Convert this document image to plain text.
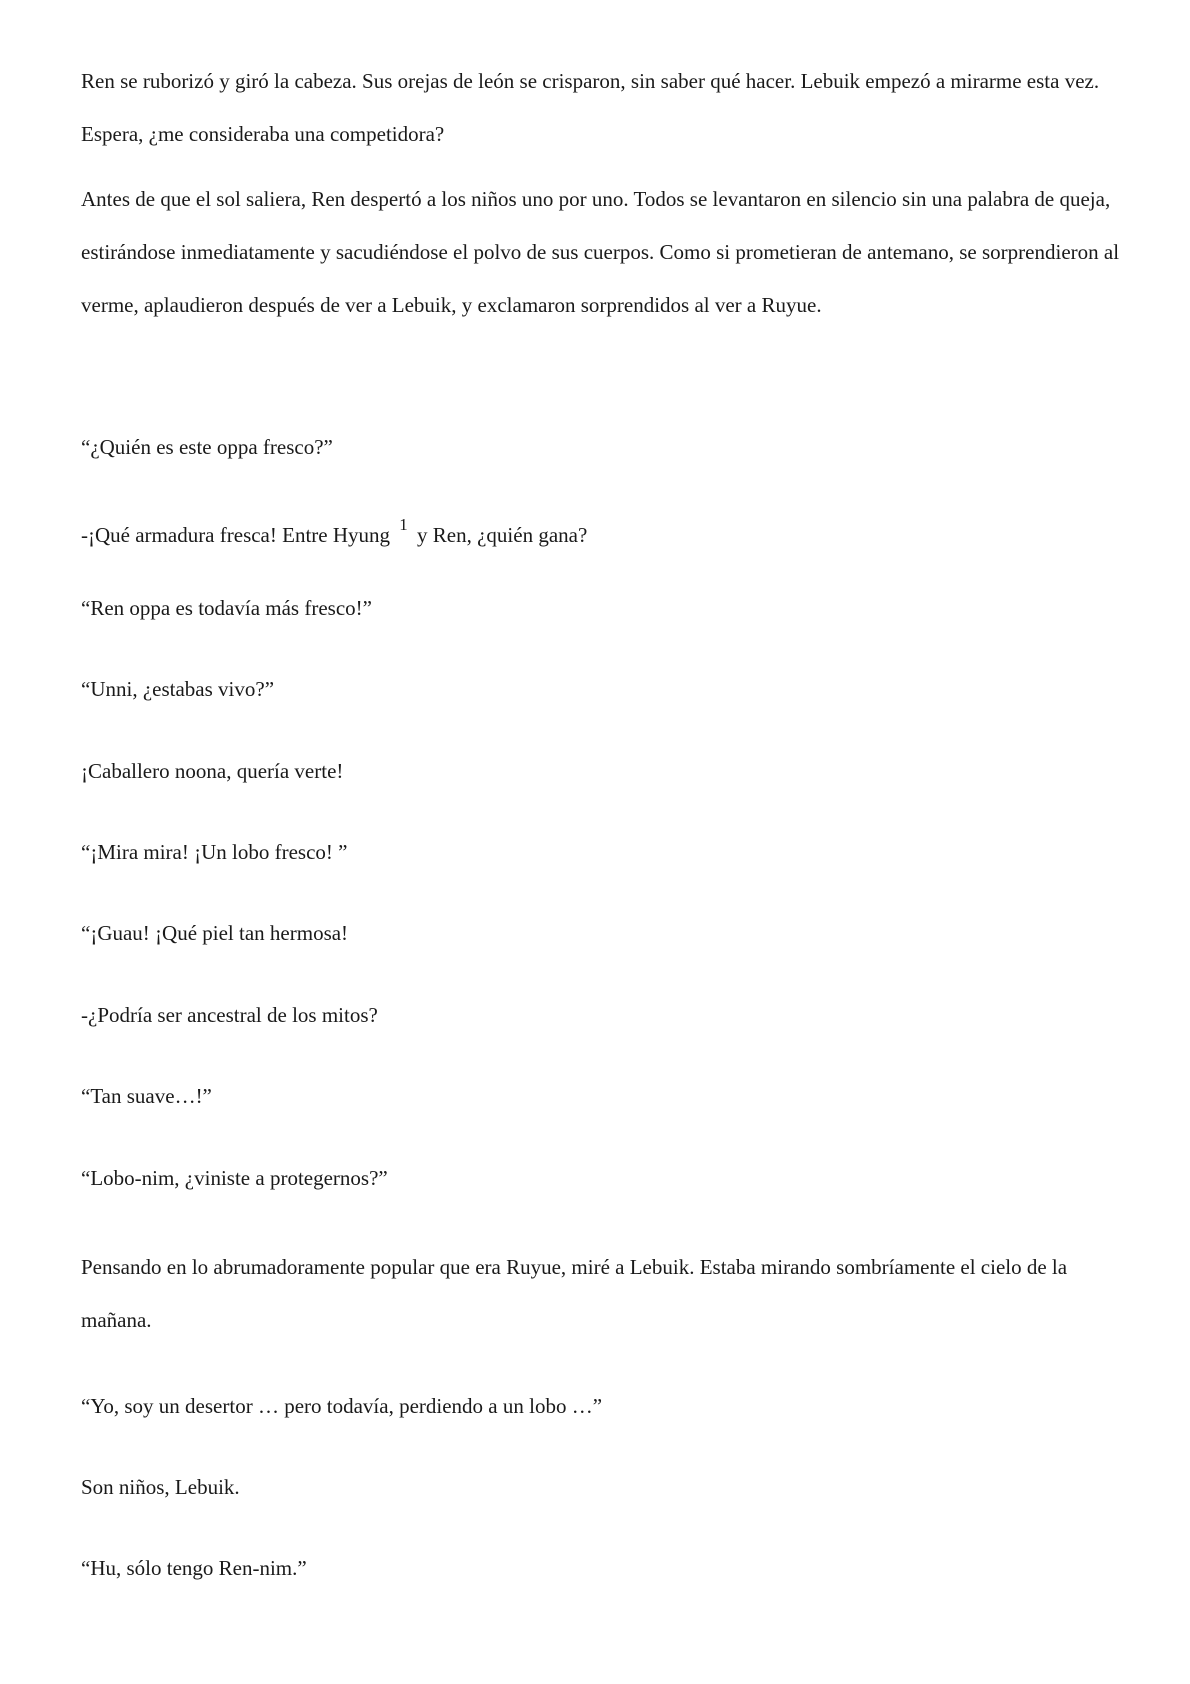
Ren se ruborizó y giró la cabeza. Sus orejas de león se crisparon, sin saber qué hacer. Lebuik empezó a mirarme esta vez. Espera, ¿me consideraba una competidora?

Antes de que el sol saliera, Ren despertó a los niños uno por uno. Todos se levantaron en silencio sin una palabra de queja, estirándose inmediatamente y sacudiéndose el polvo de sus cuerpos. Como si prometieran de antemano, se sorprendieron al verme, aplaudieron después de ver a Lebuik, y exclamaron sorprendidos al ver a Ruyue.

“¿Quién es este oppa fresco?”

-¡Qué armadura fresca! Entre Hyung $^1$ y Ren, ¿quién gana?

“Ren oppa es todavía más fresco!”

“Unni, ¿estabas vivo?”

¡Caballero noona, quería verte!

“¡Mira mira! ¡Un lobo fresco! ”

“¡Guau! ¡Qué piel tan hermosa!

-¿Podría ser ancestral de los mitos?

“Tan suave…!”

“Lobo-nim, ¿viniste a protegernos?”

Pensando en lo abrumadoramente popular que era Ruyue, miré a Lebuik. Estaba mirando sombríamente el cielo de la mañana.

“Yo, soy un desertor … pero todavía, perdiendo a un lobo …”

Son niños, Lebuik.

“Hu, sólo tengo Ren-nim.”
